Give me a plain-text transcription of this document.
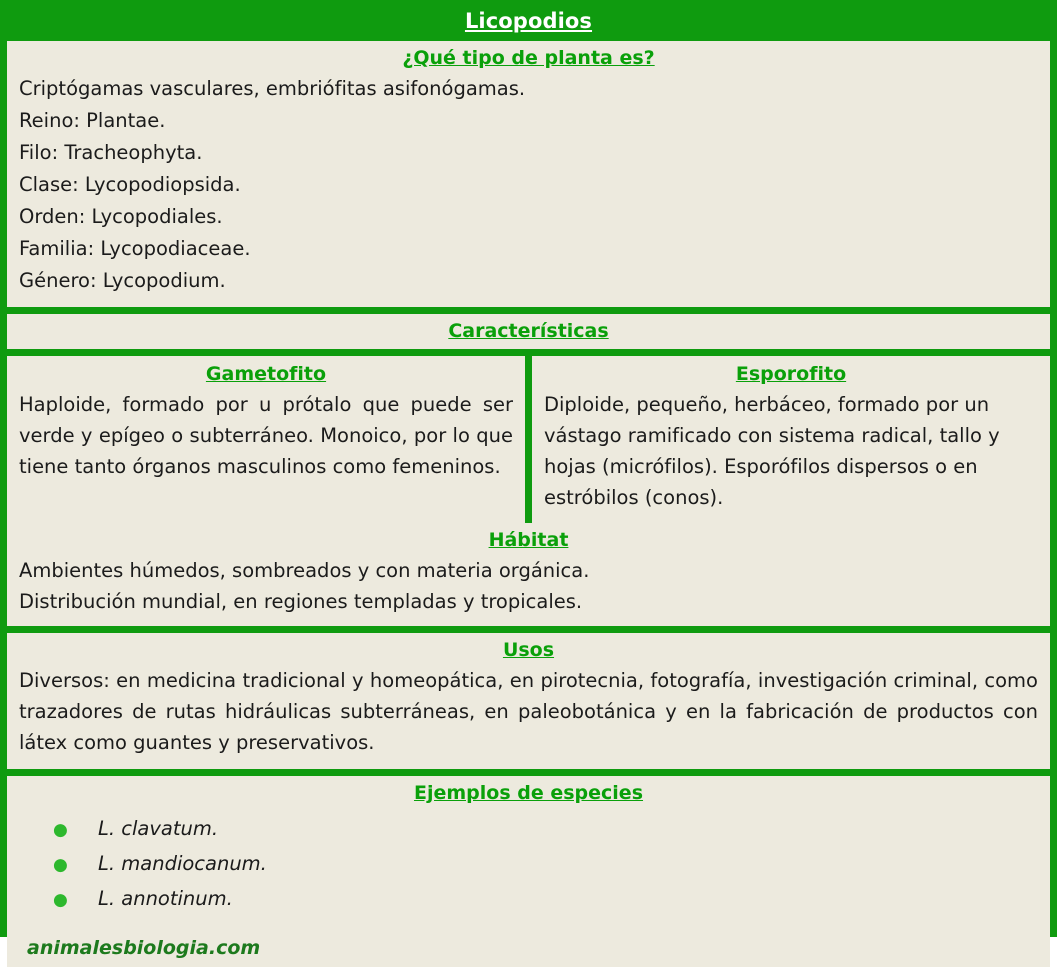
Licopodios
¿Qué tipo de planta es?
Criptógamas vasculares, embriófitas asifonógamas.
Reino: Plantae.
Filo: Tracheophyta.
Clase: Lycopodiopsida.
Orden: Lycopodiales.
Familia: Lycopodiaceae.
Género: Lycopodium.
Características
Gametofito
Haploide, formado por u prótalo que puede ser verde y epígeo o subterráneo. Monoico, por lo que tiene tanto órganos masculinos como femeninos.
Esporofito
Diploide, pequeño, herbáceo, formado por un vástago ramificado con sistema radical, tallo y hojas (micrófilos). Esporófilos dispersos o en estróbilos (conos).
Hábitat
Ambientes húmedos, sombreados y con materia orgánica.
Distribución mundial, en regiones templadas y tropicales.
Usos
Diversos: en medicina tradicional y homeopática, en pirotecnia, fotografía, investigación criminal, como trazadores de rutas hidráulicas subterráneas, en paleobotánica y en la fabricación de productos con látex como guantes y preservativos.
Ejemplos de especies
●	L. clavatum.
●	L. mandiocanum.
●	L. annotinum.
animalesbiologia.com
